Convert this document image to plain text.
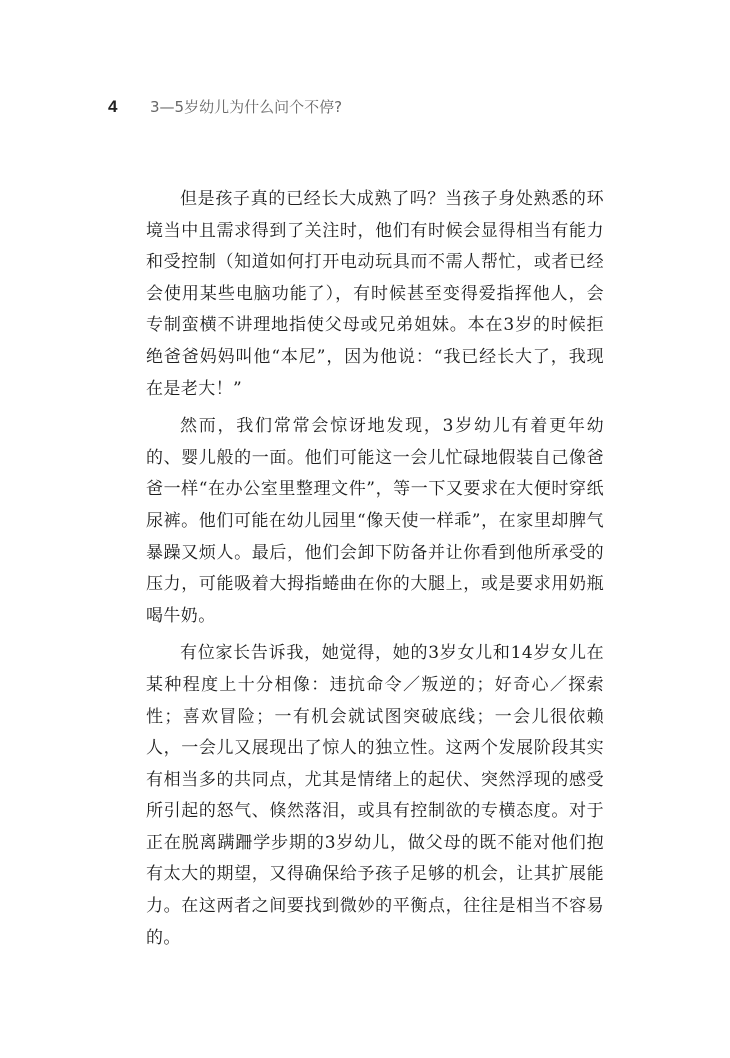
4	3—5岁幼儿为什么问个不停?

但是孩子真的已经长大成熟了吗？当孩子身处熟悉的环境当中且需求得到了关注时，他们有时候会显得相当有能力和受控制（知道如何打开电动玩具而不需人帮忙，或者已经会使用某些电脑功能了），有时候甚至变得爱指挥他人，会专制蛮横不讲理地指使父母或兄弟姐妹。本在3岁的时候拒绝爸爸妈妈叫他“本尼”，因为他说：“我已经长大了，我现在是老大！”

然而，我们常常会惊讶地发现，3岁幼儿有着更年幼的、婴儿般的一面。他们可能这一会儿忙碌地假装自己像爸爸一样“在办公室里整理文件”，等一下又要求在大便时穿纸尿裤。他们可能在幼儿园里“像天使一样乖”，在家里却脾气暴躁又烦人。最后，他们会卸下防备并让你看到他所承受的压力，可能吸着大拇指蜷曲在你的大腿上，或是要求用奶瓶喝牛奶。

有位家长告诉我，她觉得，她的3岁女儿和14岁女儿在某种程度上十分相像：违抗命令／叛逆的；好奇心／探索性；喜欢冒险；一有机会就试图突破底线；一会儿很依赖人，一会儿又展现出了惊人的独立性。这两个发展阶段其实有相当多的共同点，尤其是情绪上的起伏、突然浮现的感受所引起的怒气、倏然落泪，或具有控制欲的专横态度。对于正在脱离蹒跚学步期的3岁幼儿，做父母的既不能对他们抱有太大的期望，又得确保给予孩子足够的机会，让其扩展能力。在这两者之间要找到微妙的平衡点，往往是相当不容易的。
